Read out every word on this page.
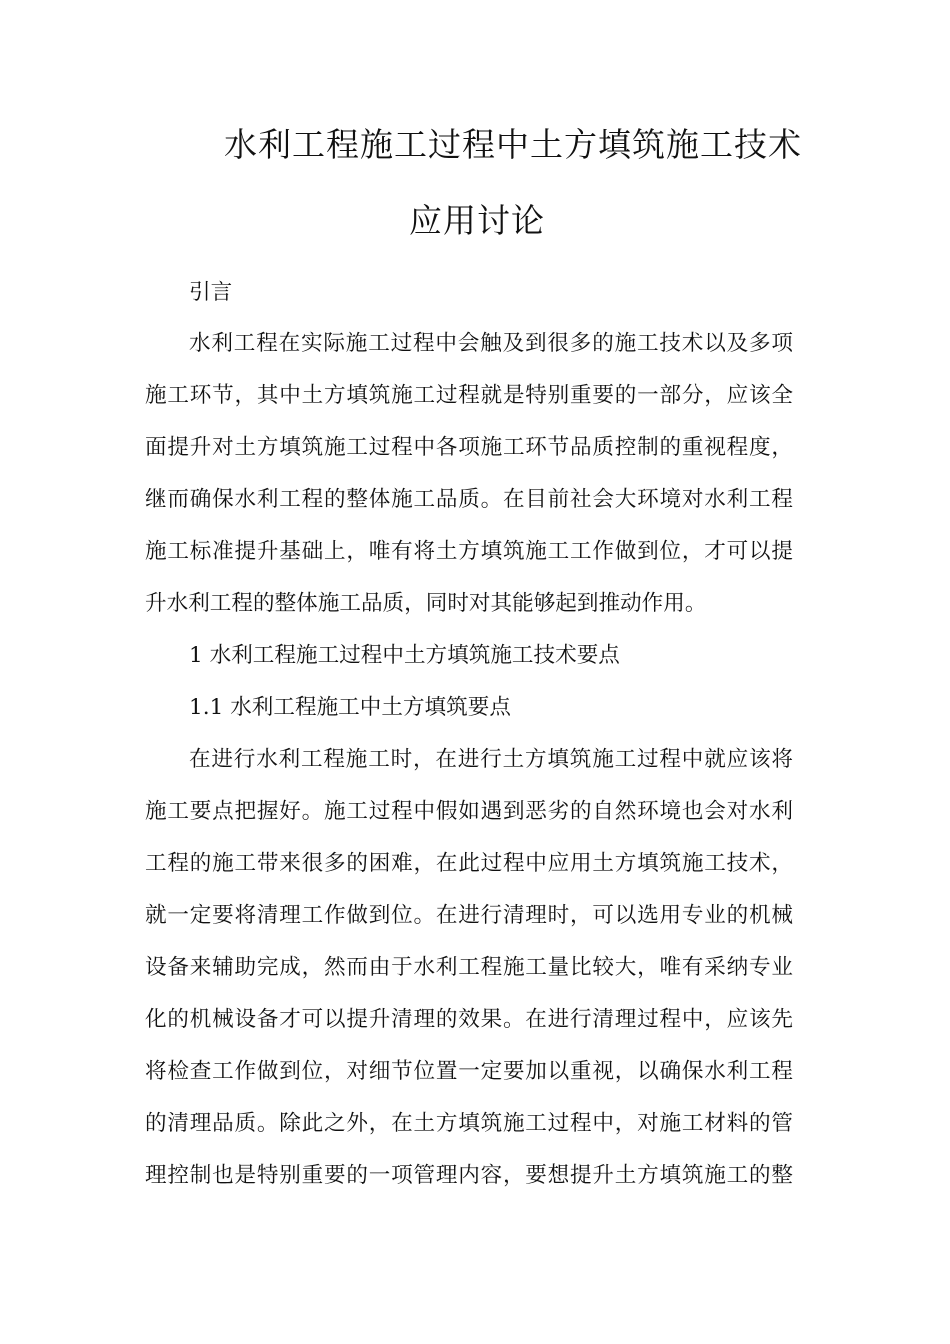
水利工程施工过程中土方填筑施工技术
应用讨论
引言
水利工程在实际施工过程中会触及到很多的施工技术以及多项
施工环节，其中土方填筑施工过程就是特别重要的一部分，应该全
面提升对土方填筑施工过程中各项施工环节品质控制的重视程度，
继而确保水利工程的整体施工品质。在目前社会大环境对水利工程
施工标准提升基础上，唯有将土方填筑施工工作做到位，才可以提
升水利工程的整体施工品质，同时对其能够起到推动作用。
1 水利工程施工过程中土方填筑施工技术要点
1.1 水利工程施工中土方填筑要点
在进行水利工程施工时，在进行土方填筑施工过程中就应该将
施工要点把握好。施工过程中假如遇到恶劣的自然环境也会对水利
工程的施工带来很多的困难，在此过程中应用土方填筑施工技术，
就一定要将清理工作做到位。在进行清理时，可以选用专业的机械
设备来辅助完成，然而由于水利工程施工量比较大，唯有采纳专业
化的机械设备才可以提升清理的效果。在进行清理过程中，应该先
将检查工作做到位，对细节位置一定要加以重视，以确保水利工程
的清理品质。除此之外，在土方填筑施工过程中，对施工材料的管
理控制也是特别重要的一项管理内容，要想提升土方填筑施工的整
